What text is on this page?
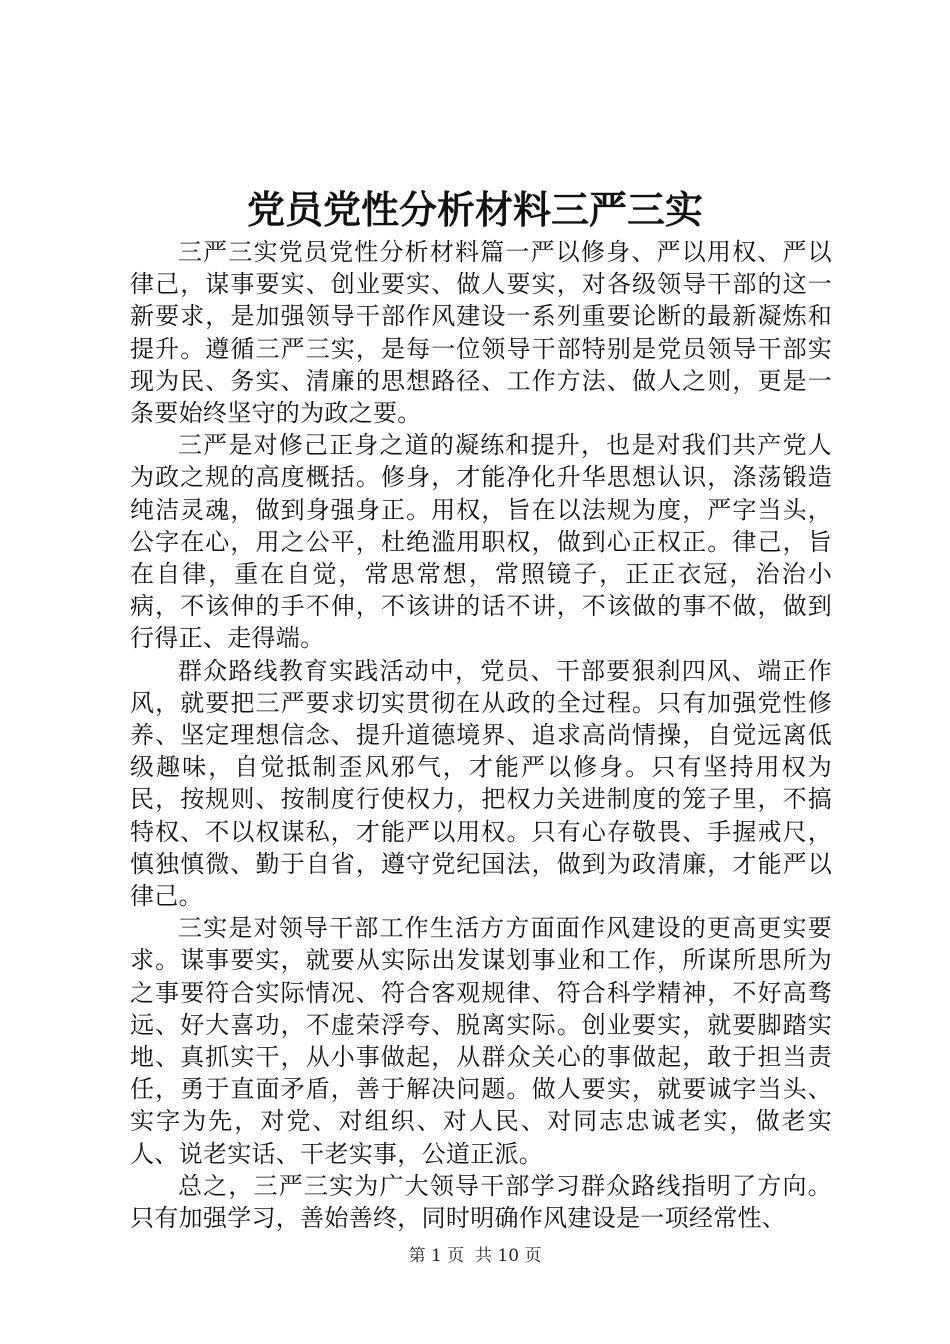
党员党性分析材料三严三实

三严三实党员党性分析材料篇一严以修身、严以用权、严以律己，谋事要实、创业要实、做人要实，对各级领导干部的这一新要求，是加强领导干部作风建设一系列重要论断的最新凝炼和提升。遵循三严三实，是每一位领导干部特别是党员领导干部实现为民、务实、清廉的思想路径、工作方法、做人之则，更是一条要始终坚守的为政之要。

三严是对修己正身之道的凝练和提升，也是对我们共产党人为政之规的高度概括。修身，才能净化升华思想认识，涤荡锻造纯洁灵魂，做到身强身正。用权，旨在以法规为度，严字当头，公字在心，用之公平，杜绝滥用职权，做到心正权正。律己，旨在自律，重在自觉，常思常想，常照镜子，正正衣冠，治治小病，不该伸的手不伸，不该讲的话不讲，不该做的事不做，做到行得正、走得端。

群众路线教育实践活动中，党员、干部要狠刹四风、端正作风，就要把三严要求切实贯彻在从政的全过程。只有加强党性修养、坚定理想信念、提升道德境界、追求高尚情操，自觉远离低级趣味，自觉抵制歪风邪气，才能严以修身。只有坚持用权为民，按规则、按制度行使权力，把权力关进制度的笼子里，不搞特权、不以权谋私，才能严以用权。只有心存敬畏、手握戒尺，慎独慎微、勤于自省，遵守党纪国法，做到为政清廉，才能严以律己。

三实是对领导干部工作生活方方面面作风建设的更高更实要求。谋事要实，就要从实际出发谋划事业和工作，所谋所思所为之事要符合实际情况、符合客观规律、符合科学精神，不好高骛远、好大喜功，不虚荣浮夸、脱离实际。创业要实，就要脚踏实地、真抓实干，从小事做起，从群众关心的事做起，敢于担当责任，勇于直面矛盾，善于解决问题。做人要实，就要诚字当头、实字为先，对党、对组织、对人民、对同志忠诚老实，做老实人、说老实话、干老实事，公道正派。

总之，三严三实为广大领导干部学习群众路线指明了方向。只有加强学习，善始善终，同时明确作风建设是一项经常性、

第 1 页  共 10 页
